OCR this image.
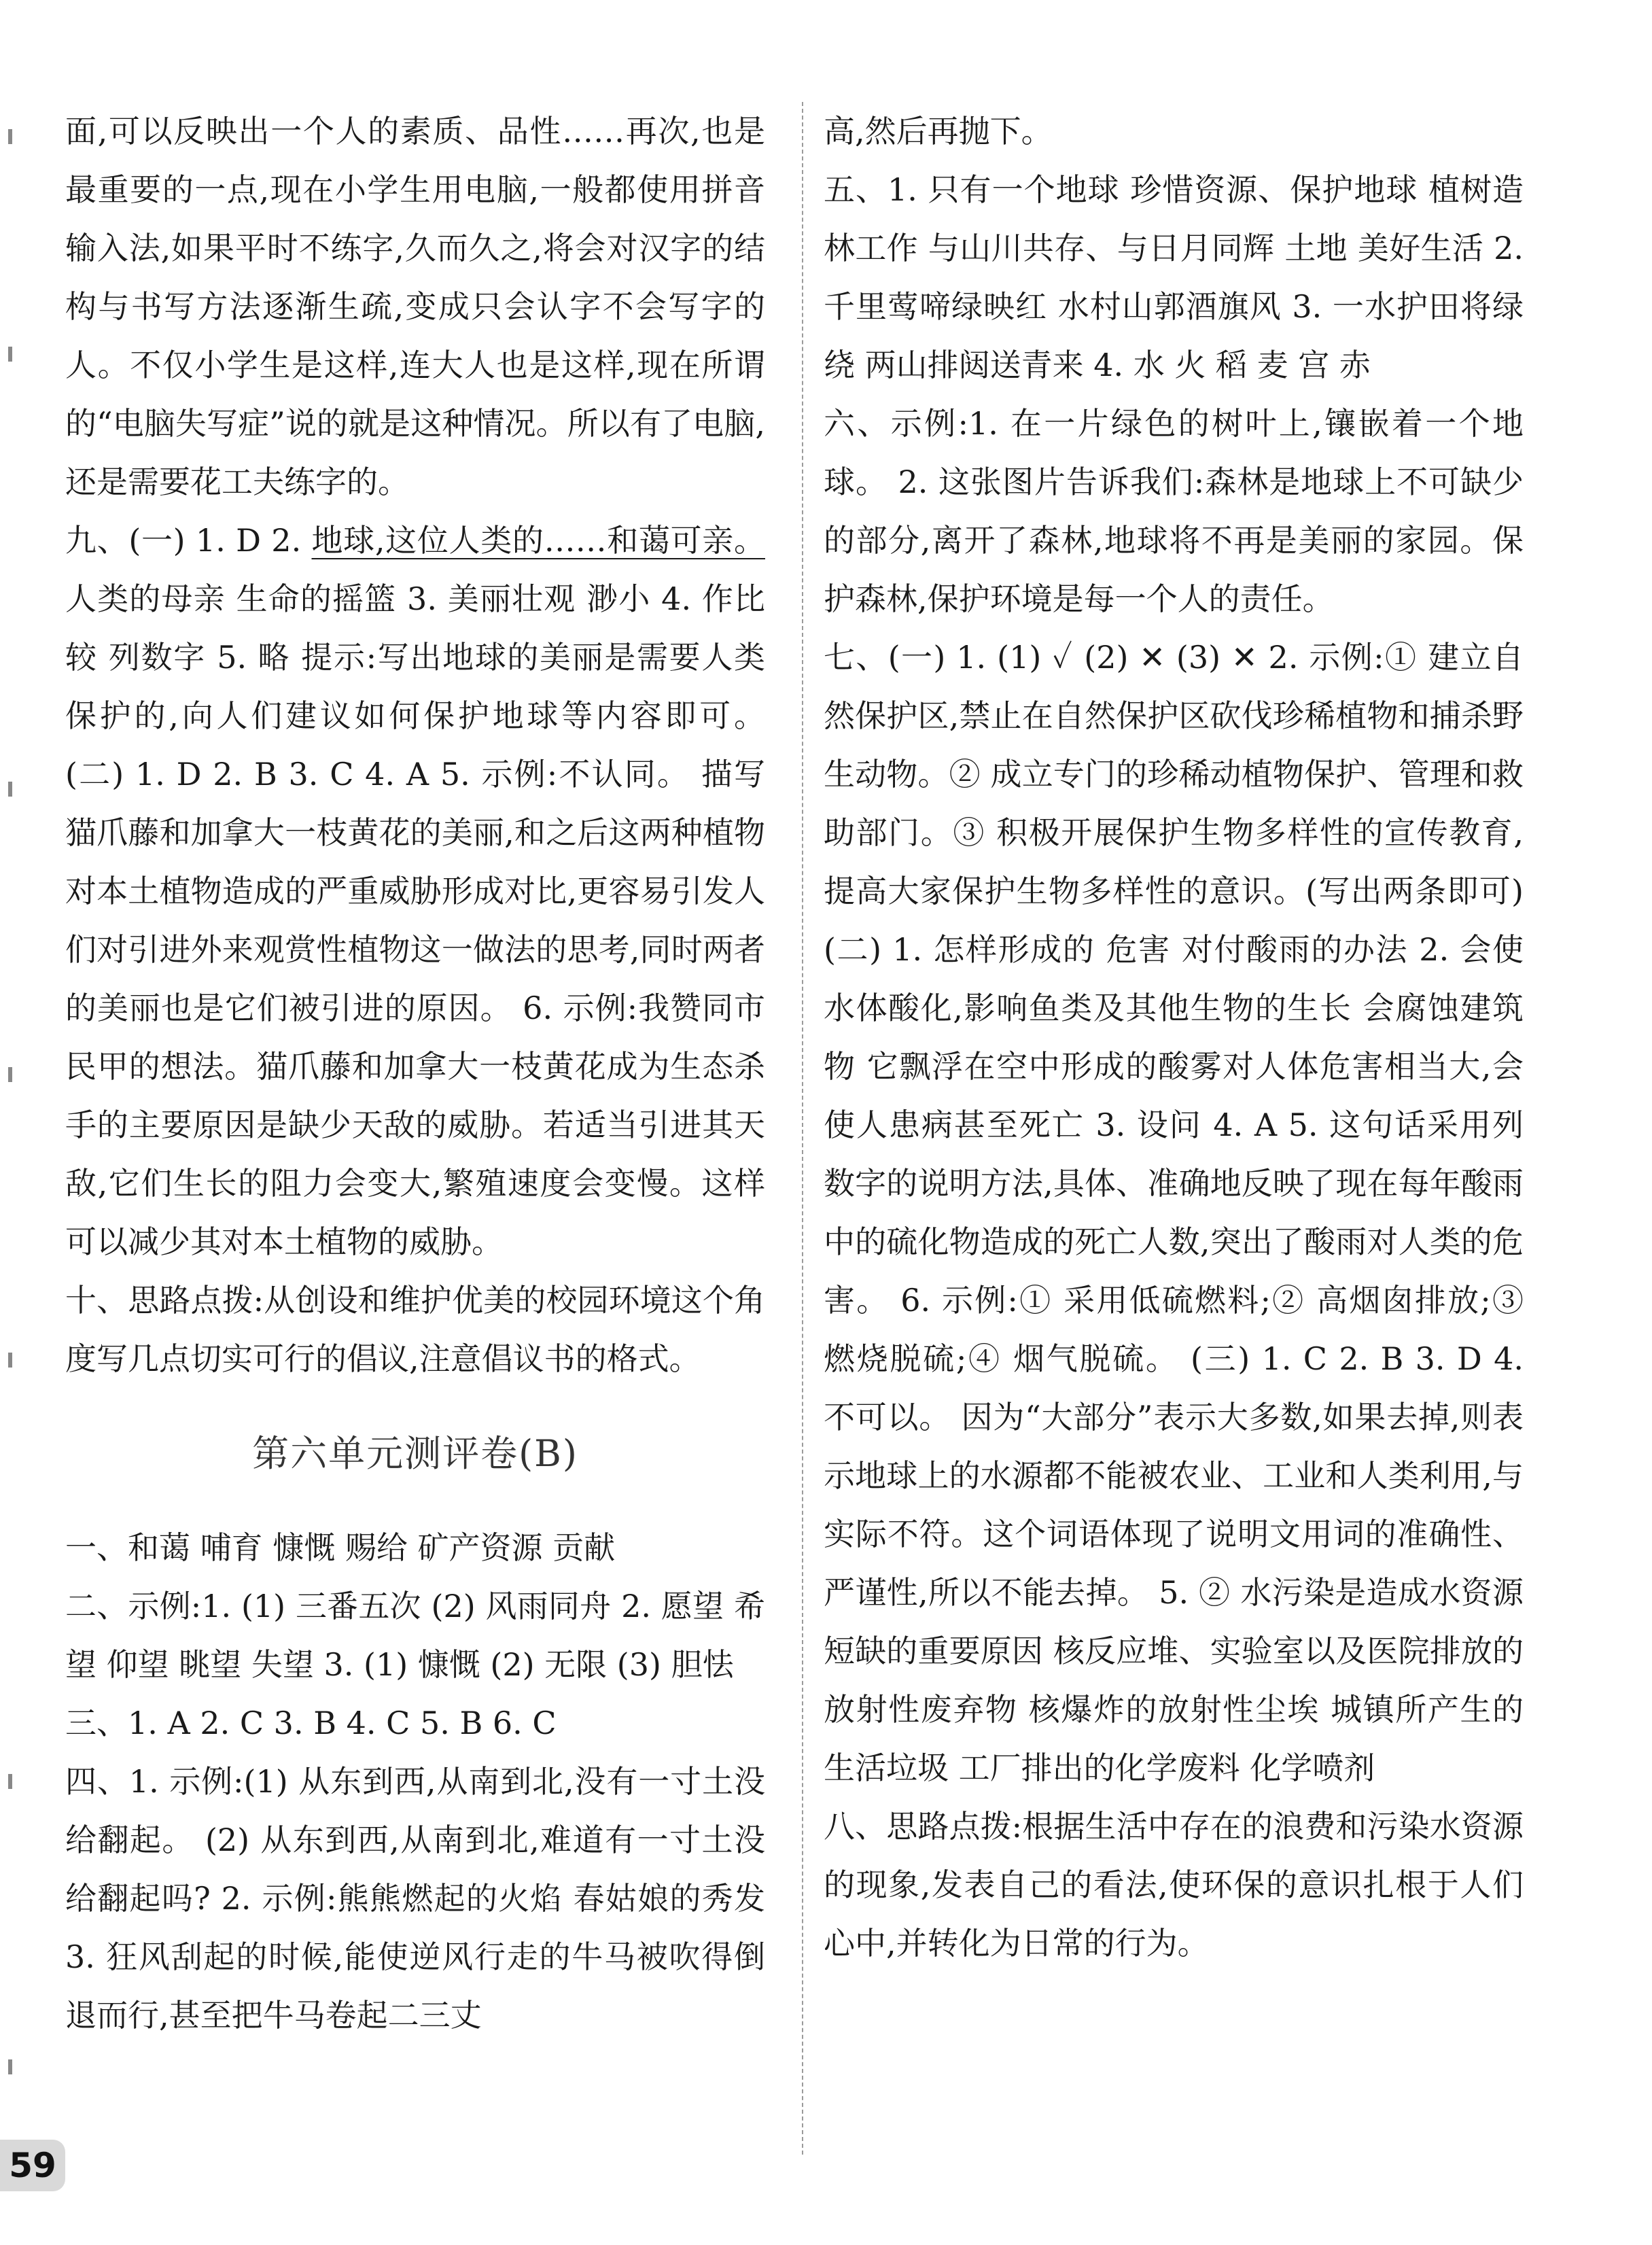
面,可以反映出一个人的素质、品性……再次,也是最重要的一点,现在小学生用电脑,一般都使用拼音输入法,如果平时不练字,久而久之,将会对汉字的结构与书写方法逐渐生疏,变成只会认字不会写字的人。不仅小学生是这样,连大人也是这样,现在所谓的“电脑失写症”说的就是这种情况。所以有了电脑,还是需要花工夫练字的。

九、(一) 1. D 2. 地球,这位人类的……和蔼可亲。 人类的母亲 生命的摇篮 3. 美丽壮观 渺小 4. 作比较 列数字 5. 略 提示:写出地球的美丽是需要人类保护的,向人们建议如何保护地球等内容即可。 (二) 1. D 2. B 3. C 4. A 5. 示例:不认同。 描写猫爪藤和加拿大一枝黄花的美丽,和之后这两种植物对本土植物造成的严重威胁形成对比,更容易引发人们对引进外来观赏性植物这一做法的思考,同时两者的美丽也是它们被引进的原因。 6. 示例:我赞同市民甲的想法。猫爪藤和加拿大一枝黄花成为生态杀手的主要原因是缺少天敌的威胁。若适当引进其天敌,它们生长的阻力会变大,繁殖速度会变慢。这样可以减少其对本土植物的威胁。

十、思路点拨:从创设和维护优美的校园环境这个角度写几点切实可行的倡议,注意倡议书的格式。

第六单元测评卷(B)

一、和蔼 哺育 慷慨 赐给 矿产资源 贡献

二、示例:1. (1) 三番五次 (2) 风雨同舟 2. 愿望 希望 仰望 眺望 失望 3. (1) 慷慨 (2) 无限 (3) 胆怯

三、1. A 2. C 3. B 4. C 5. B 6. C

四、1. 示例:(1) 从东到西,从南到北,没有一寸土没给翻起。 (2) 从东到西,从南到北,难道有一寸土没给翻起吗? 2. 示例:熊熊燃起的火焰 春姑娘的秀发 3. 狂风刮起的时候,能使逆风行走的牛马被吹得倒退而行,甚至把牛马卷起二三丈

高,然后再抛下。

五、1. 只有一个地球 珍惜资源、保护地球 植树造林工作 与山川共存、与日月同辉 土地 美好生活 2. 千里莺啼绿映红 水村山郭酒旗风 3. 一水护田将绿绕 两山排闼送青来 4. 水 火 稻 麦 宫 赤

六、示例:1. 在一片绿色的树叶上,镶嵌着一个地球。 2. 这张图片告诉我们:森林是地球上不可缺少的部分,离开了森林,地球将不再是美丽的家园。保护森林,保护环境是每一个人的责任。

七、(一) 1. (1) ✓ (2) ✕ (3) ✕ 2. 示例:① 建立自然保护区,禁止在自然保护区砍伐珍稀植物和捕杀野生动物。② 成立专门的珍稀动植物保护、管理和救助部门。③ 积极开展保护生物多样性的宣传教育,提高大家保护生物多样性的意识。(写出两条即可) (二) 1. 怎样形成的 危害 对付酸雨的办法 2. 会使水体酸化,影响鱼类及其他生物的生长 会腐蚀建筑物 它飘浮在空中形成的酸雾对人体危害相当大,会使人患病甚至死亡 3. 设问 4. A 5. 这句话采用列数字的说明方法,具体、准确地反映了现在每年酸雨中的硫化物造成的死亡人数,突出了酸雨对人类的危害。 6. 示例:① 采用低硫燃料;② 高烟囱排放;③ 燃烧脱硫;④ 烟气脱硫。 (三) 1. C 2. B 3. D 4. 不可以。 因为“大部分”表示大多数,如果去掉,则表示地球上的水源都不能被农业、工业和人类利用,与实际不符。这个词语体现了说明文用词的准确性、严谨性,所以不能去掉。 5. ② 水污染是造成水资源短缺的重要原因 核反应堆、实验室以及医院排放的放射性废弃物 核爆炸的放射性尘埃 城镇所产生的生活垃圾 工厂排出的化学废料 化学喷剂

八、思路点拨:根据生活中存在的浪费和污染水资源的现象,发表自己的看法,使环保的意识扎根于人们心中,并转化为日常的行为。

59
